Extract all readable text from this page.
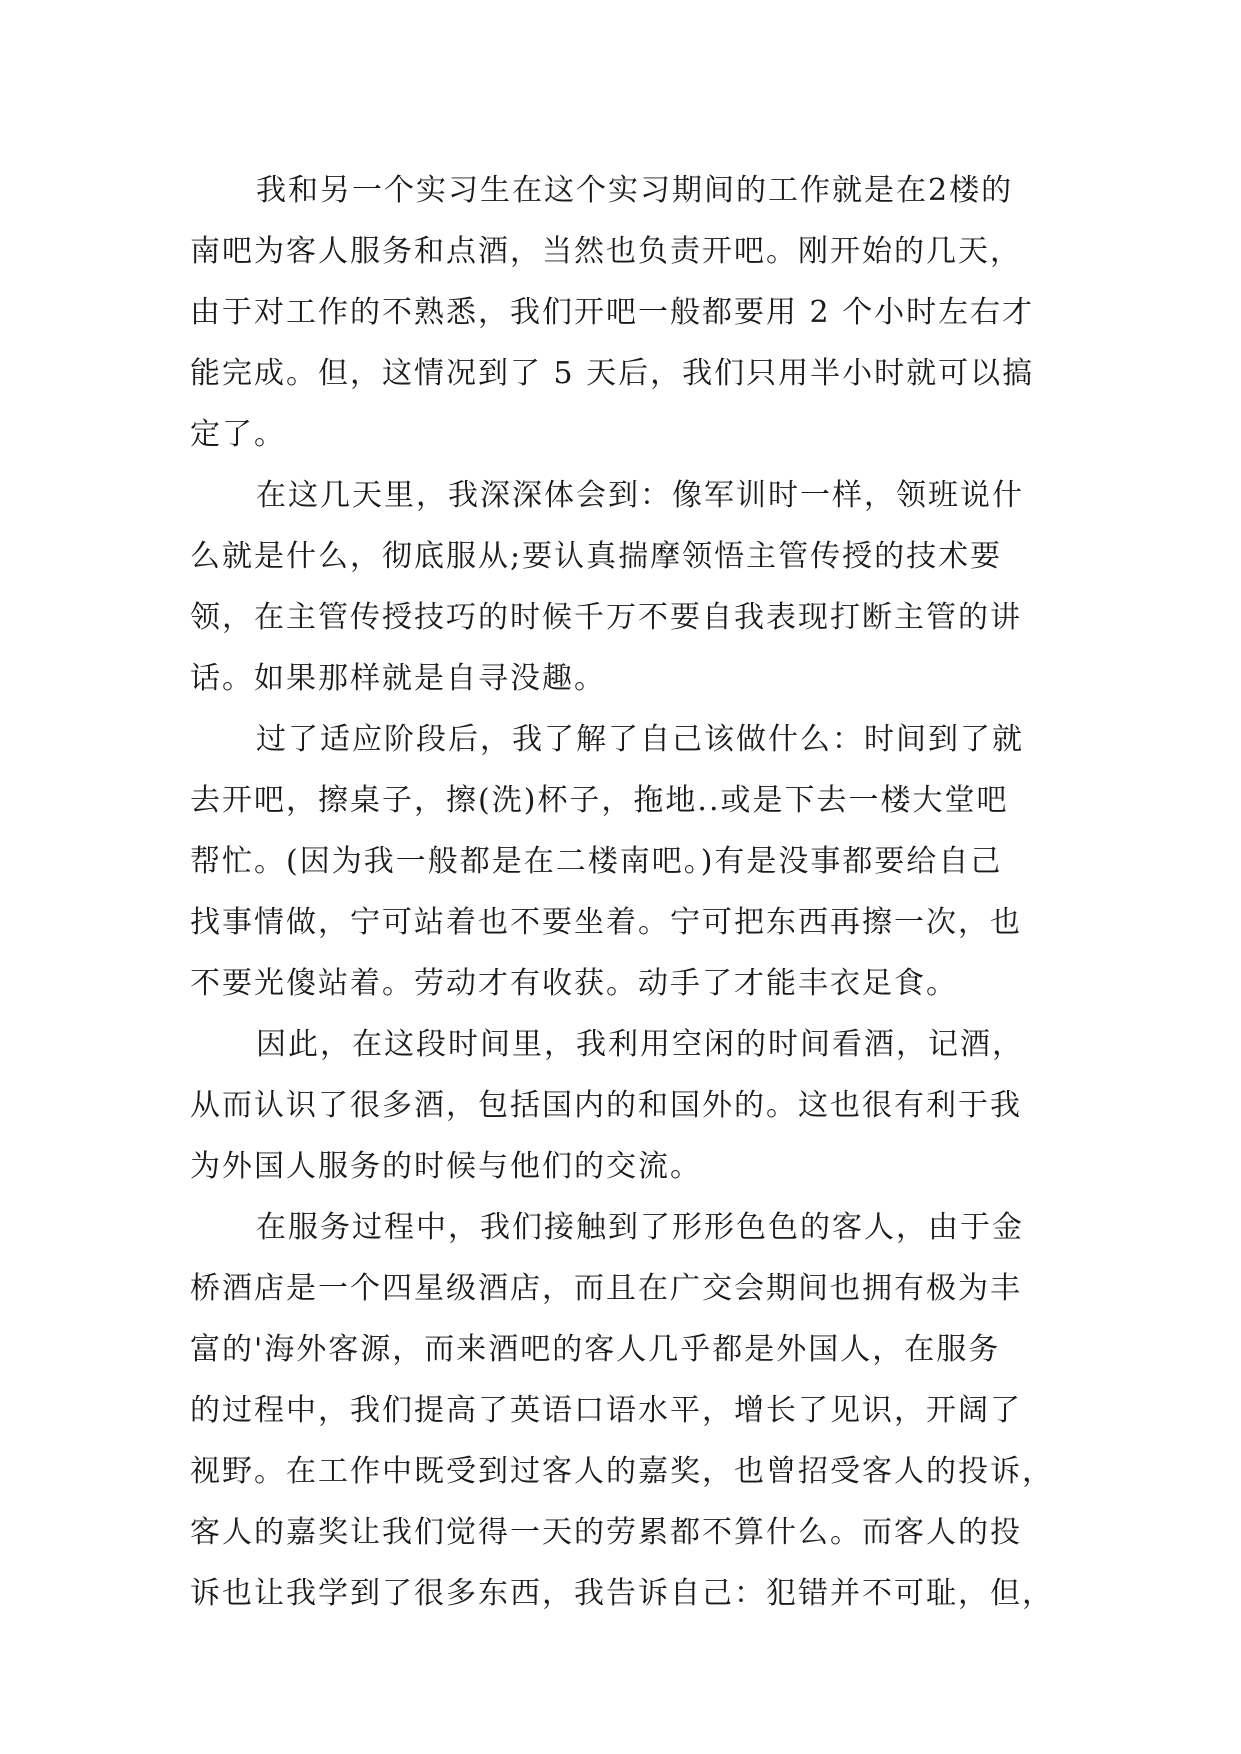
我和另一个实习生在这个实习期间的工作就是在2楼的
南吧为客人服务和点酒，当然也负责开吧。刚开始的几天，
由于对工作的不熟悉，我们开吧一般都要用 2 个小时左右才
能完成。但，这情况到了 5 天后，我们只用半小时就可以搞
定了。
在这几天里，我深深体会到：像军训时一样，领班说什
么就是什么，彻底服从;要认真揣摩领悟主管传授的技术要
领，在主管传授技巧的时候千万不要自我表现打断主管的讲
话。如果那样就是自寻没趣。
过了适应阶段后，我了解了自己该做什么：时间到了就
去开吧，擦桌子，擦(洗)杯子，拖地..或是下去一楼大堂吧
帮忙。(因为我一般都是在二楼南吧。)有是没事都要给自己
找事情做，宁可站着也不要坐着。宁可把东西再擦一次，也
不要光傻站着。劳动才有收获。动手了才能丰衣足食。
因此，在这段时间里，我利用空闲的时间看酒，记酒，
从而认识了很多酒，包括国内的和国外的。这也很有利于我
为外国人服务的时候与他们的交流。
在服务过程中，我们接触到了形形色色的客人，由于金
桥酒店是一个四星级酒店，而且在广交会期间也拥有极为丰
富的'海外客源，而来酒吧的客人几乎都是外国人，在服务
的过程中，我们提高了英语口语水平，增长了见识，开阔了
视野。在工作中既受到过客人的嘉奖，也曾招受客人的投诉，
客人的嘉奖让我们觉得一天的劳累都不算什么。而客人的投
诉也让我学到了很多东西，我告诉自己：犯错并不可耻，但，
